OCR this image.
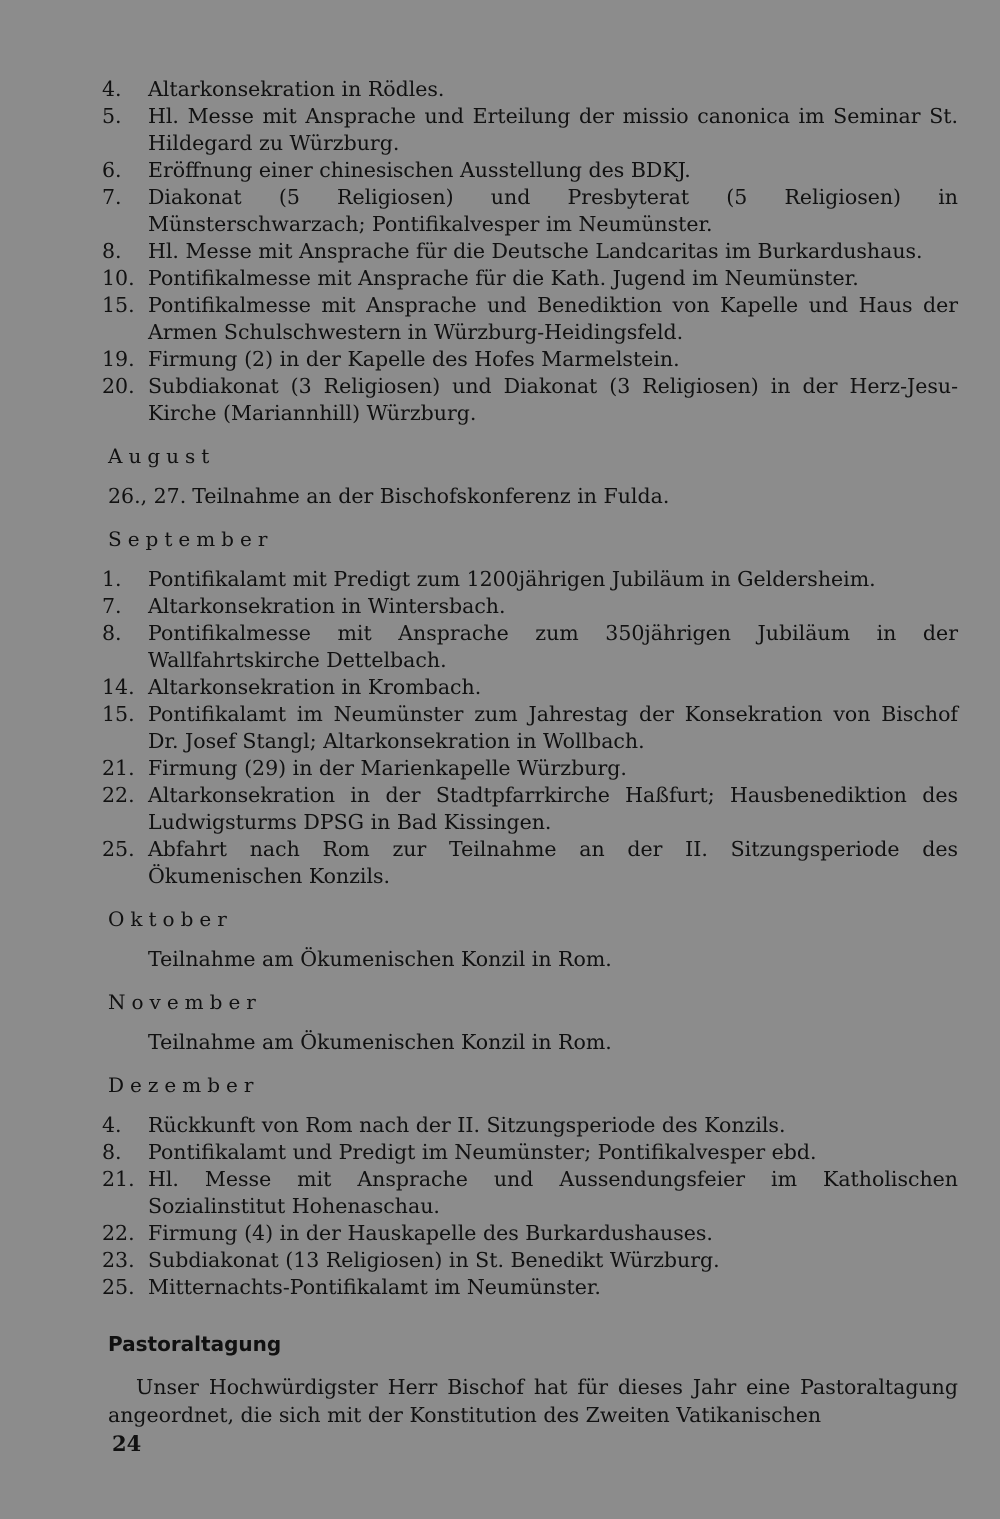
4.	Altarkonsekration in Rödles.
5.	Hl. Messe mit Ansprache und Erteilung der missio canonica im Seminar St. Hildegard zu Würzburg.
6.	Eröffnung einer chinesischen Ausstellung des BDKJ.
7.	Diakonat (5 Religiosen) und Presbyterat (5 Religiosen) in Münsterschwarzach; Pontifikalvesper im Neumünster.
8.	Hl. Messe mit Ansprache für die Deutsche Landcaritas im Burkardushaus.
10. Pontifikalmesse mit Ansprache für die Kath. Jugend im Neumünster.
15. Pontifikalmesse mit Ansprache und Benediktion von Kapelle und Haus der Armen Schulschwestern in Würzburg-Heidingsfeld.
19. Firmung (2) in der Kapelle des Hofes Marmelstein.
20. Subdiakonat (3 Religiosen) und Diakonat (3 Religiosen) in der Herz-Jesu-Kirche (Mariannhill) Würzburg.
August
26., 27. Teilnahme an der Bischofskonferenz in Fulda.
September
1.	Pontifikalamt mit Predigt zum 1200jährigen Jubiläum in Geldersheim.
7.	Altarkonsekration in Wintersbach.
8.	Pontifikalmesse mit Ansprache zum 350jährigen Jubiläum in der Wallfahrtskirche Dettelbach.
14. Altarkonsekration in Krombach.
15. Pontifikalamt im Neumünster zum Jahrestag der Konsekration von Bischof Dr. Josef Stangl; Altarkonsekration in Wollbach.
21. Firmung (29) in der Marienkapelle Würzburg.
22. Altarkonsekration in der Stadtpfarrkirche Haßfurt; Hausbenediktion des Ludwigsturms DPSG in Bad Kissingen.
25. Abfahrt nach Rom zur Teilnahme an der II. Sitzungsperiode des Ökumenischen Konzils.
Oktober
Teilnahme am Ökumenischen Konzil in Rom.
November
Teilnahme am Ökumenischen Konzil in Rom.
Dezember
4.	Rückkunft von Rom nach der II. Sitzungsperiode des Konzils.
8.	Pontifikalamt und Predigt im Neumünster; Pontifikalvesper ebd.
21. Hl. Messe mit Ansprache und Aussendungsfeier im Katholischen Sozialinstitut Hohenaschau.
22. Firmung (4) in der Hauskapelle des Burkardushauses.
23. Subdiakonat (13 Religiosen) in St. Benedikt Würzburg.
25. Mitternachts-Pontifikalamt im Neumünster.
Pastoraltagung

Unser Hochwürdigster Herr Bischof hat für dieses Jahr eine Pastoraltagung angeordnet, die sich mit der Konstitution des Zweiten Vatikanischen

24
